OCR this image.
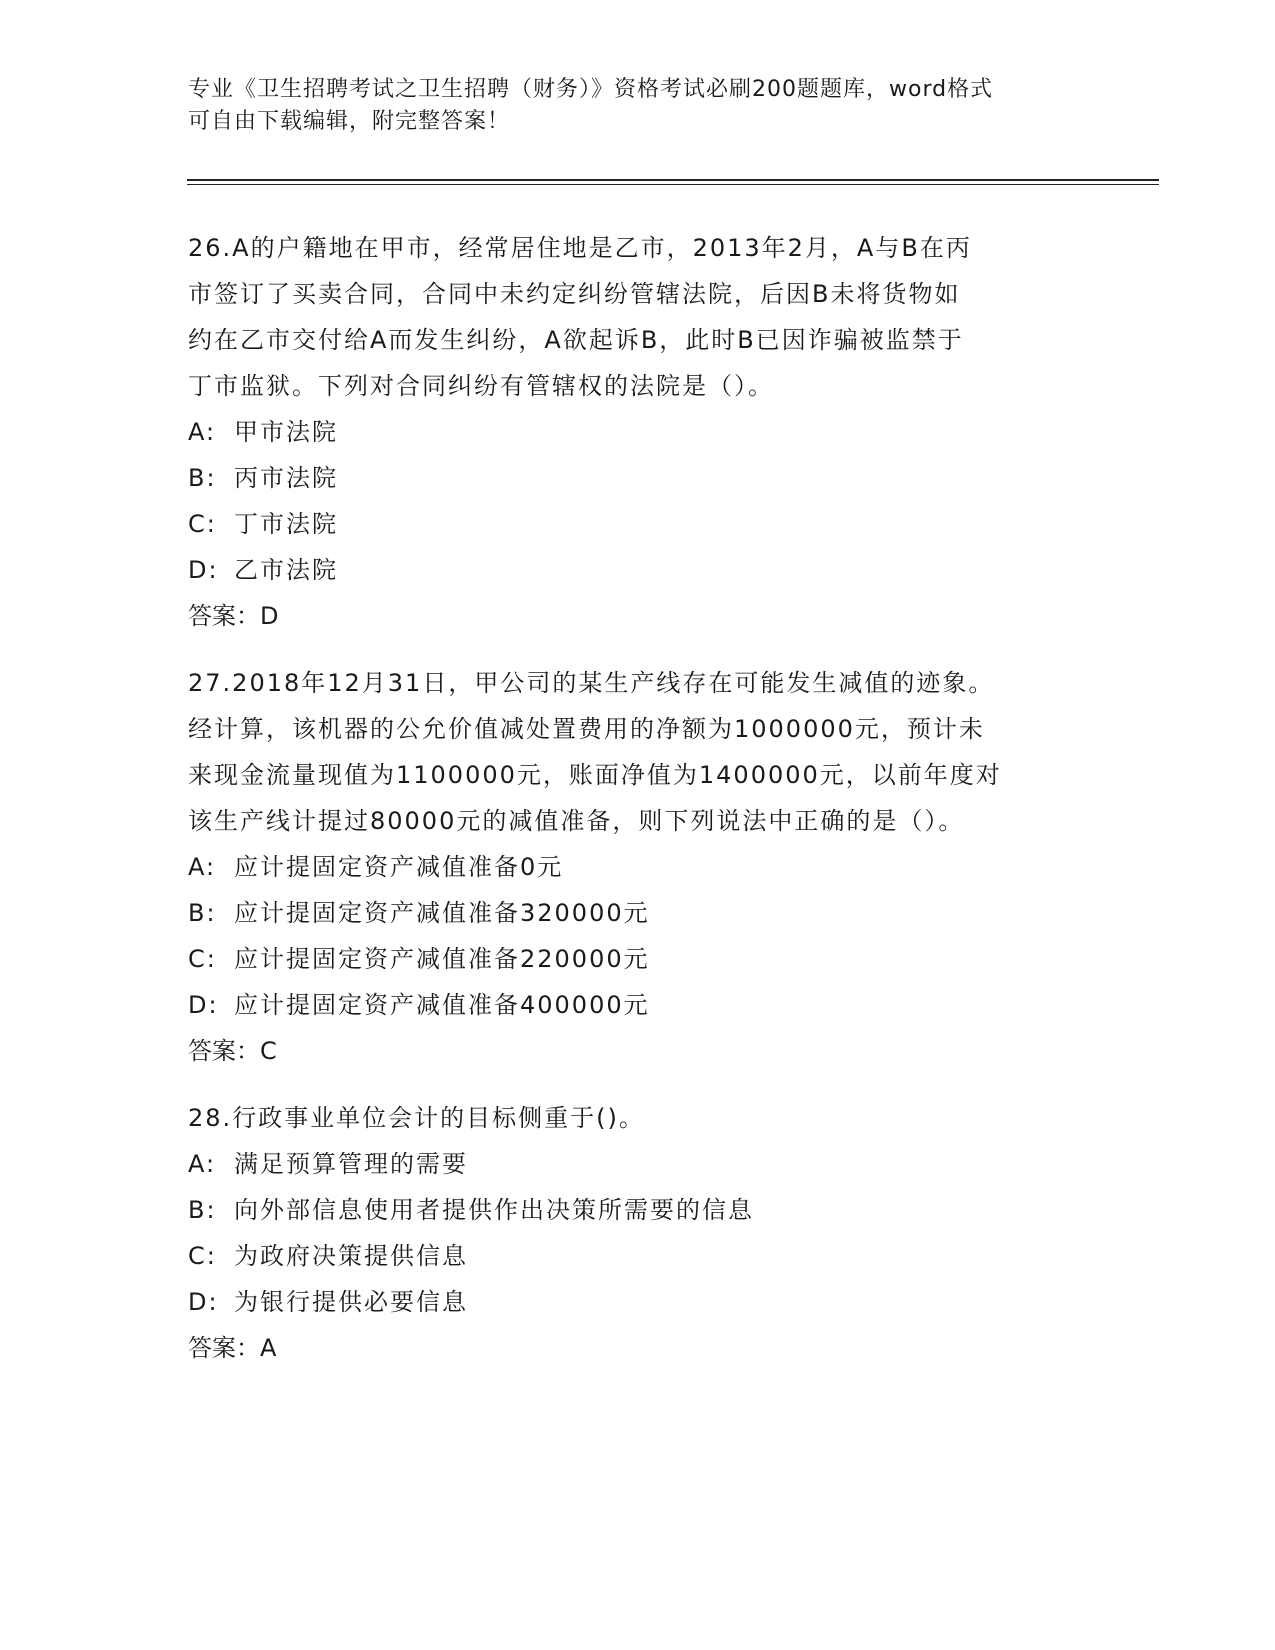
专业《卫生招聘考试之卫生招聘（财务）》资格考试必刷200题题库，word格式
可自由下载编辑，附完整答案！

26.A的户籍地在甲市，经常居住地是乙市，2013年2月，A与B在丙

市签订了买卖合同，合同中未约定纠纷管辖法院，后因B未将货物如

约在乙市交付给A而发生纠纷，A欲起诉B，此时B已因诈骗被监禁于

丁市监狱。下列对合同纠纷有管辖权的法院是（）。

A: 甲市法院
B: 丙市法院
C: 丁市法院
D: 乙市法院

答案：D

27.2018年12月31日，甲公司的某生产线存在可能发生减值的迹象。

经计算，该机器的公允价值减处置费用的净额为1000000元，预计未

来现金流量现值为1100000元，账面净值为1400000元，以前年度对

该生产线计提过80000元的减值准备，则下列说法中正确的是（）。

A: 应计提固定资产减值准备0元
B: 应计提固定资产减值准备320000元
C: 应计提固定资产减值准备220000元
D: 应计提固定资产减值准备400000元

答案：C

28.行政事业单位会计的目标侧重于()。

A: 满足预算管理的需要
B: 向外部信息使用者提供作出决策所需要的信息
C: 为政府决策提供信息
D: 为银行提供必要信息

答案：A
